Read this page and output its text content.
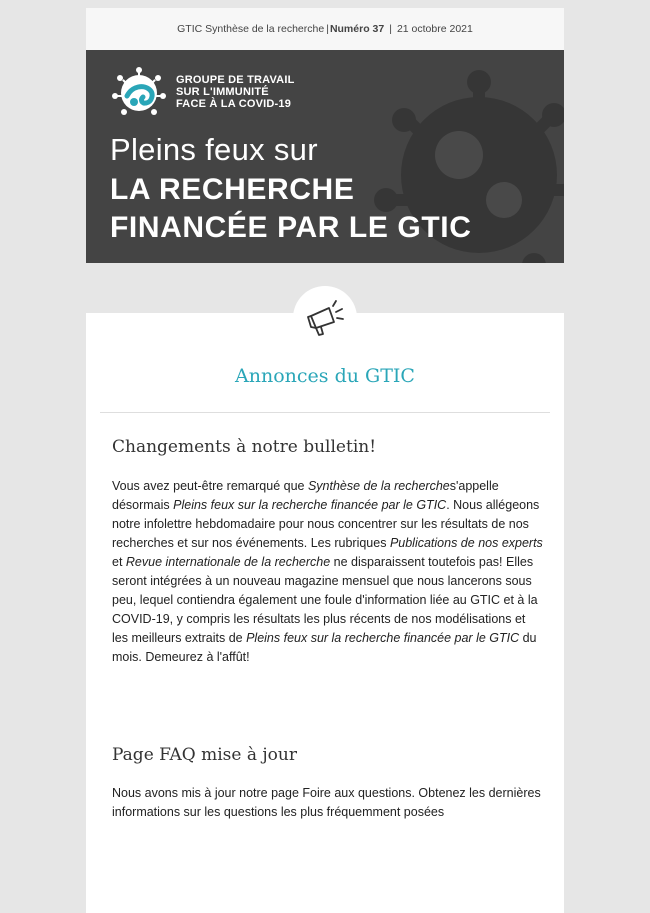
GTIC Synthèse de la recherche | Numéro 37 | 21 octobre 2021
GROUPE DE TRAVAIL
SUR L'IMMUNITÉ
FACE À LA COVID-19
Pleins feux sur
LA RECHERCHE
FINANCÉE PAR LE GTIC
Annonces du GTIC
Changements à notre bulletin!
Vous avez peut-être remarqué que Synthèse de la recherches'appelle désormais Pleins feux sur la recherche financée par le GTIC. Nous allégeons notre infolettre hebdomadaire pour nous concentrer sur les résultats de nos recherches et sur nos événements. Les rubriques Publications de nos experts et Revue internationale de la recherche ne disparaissent toutefois pas! Elles seront intégrées à un nouveau magazine mensuel que nous lancerons sous peu, lequel contiendra également une foule d'information liée au GTIC et à la COVID-19, y compris les résultats les plus récents de nos modélisations et les meilleurs extraits de Pleins feux sur la recherche financée par le GTIC du mois. Demeurez à l'affût!
Page FAQ mise à jour
Nous avons mis à jour notre page Foire aux questions. Obtenez les dernières informations sur les questions les plus fréquemment posées
